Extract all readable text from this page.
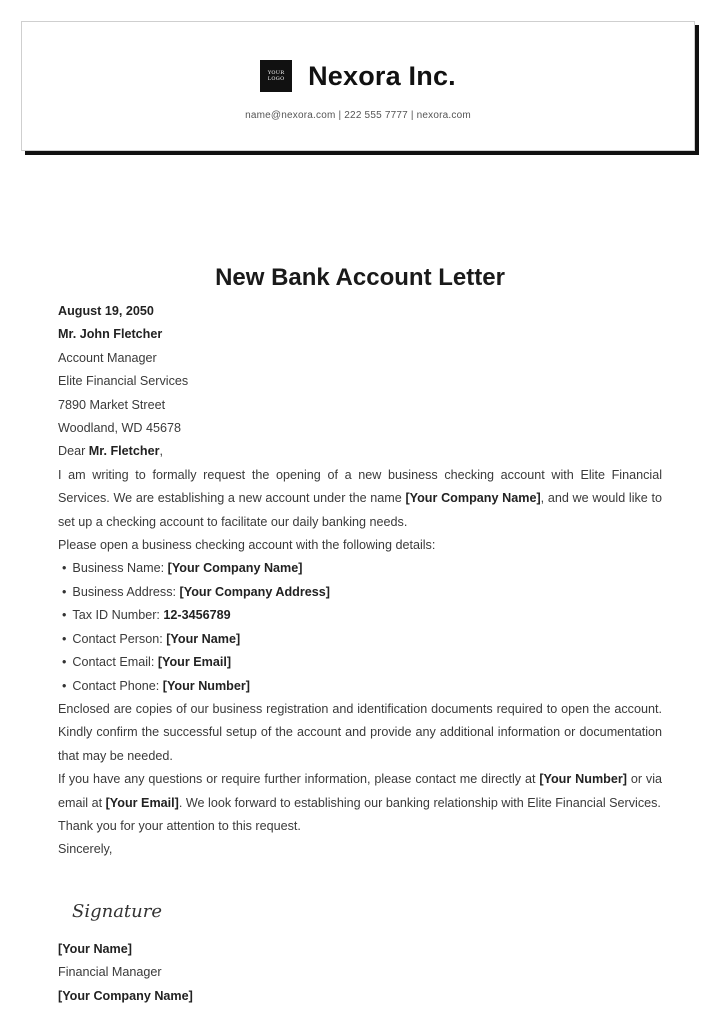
YOUR
LOGO Nexora Inc.
name@nexora.com | 222 555 7777 | nexora.com
New Bank Account Letter

August 19, 2050

Mr. John Fletcher

Account Manager

Elite Financial Services

7890 Market Street

Woodland, WD 45678

Dear Mr. Fletcher,

I am writing to formally request the opening of a new business checking account with Elite Financial Services. We are establishing a new account under the name [Your Company Name], and we would like to set up a checking account to facilitate our daily banking needs.

Please open a business checking account with the following details:

• Business Name: [Your Company Name]
• Business Address: [Your Company Address]
• Tax ID Number: 12-3456789
• Contact Person: [Your Name]
• Contact Email: [Your Email]
• Contact Phone: [Your Number]

Enclosed are copies of our business registration and identification documents required to open the account. Kindly confirm the successful setup of the account and provide any additional information or documentation that may be needed.

If you have any questions or require further information, please contact me directly at [Your Number] or via email at [Your Email]. We look forward to establishing our banking relationship with Elite Financial Services.

Thank you for your attention to this request.

Sincerely,

Signature

[Your Name]

Financial Manager

[Your Company Name]
